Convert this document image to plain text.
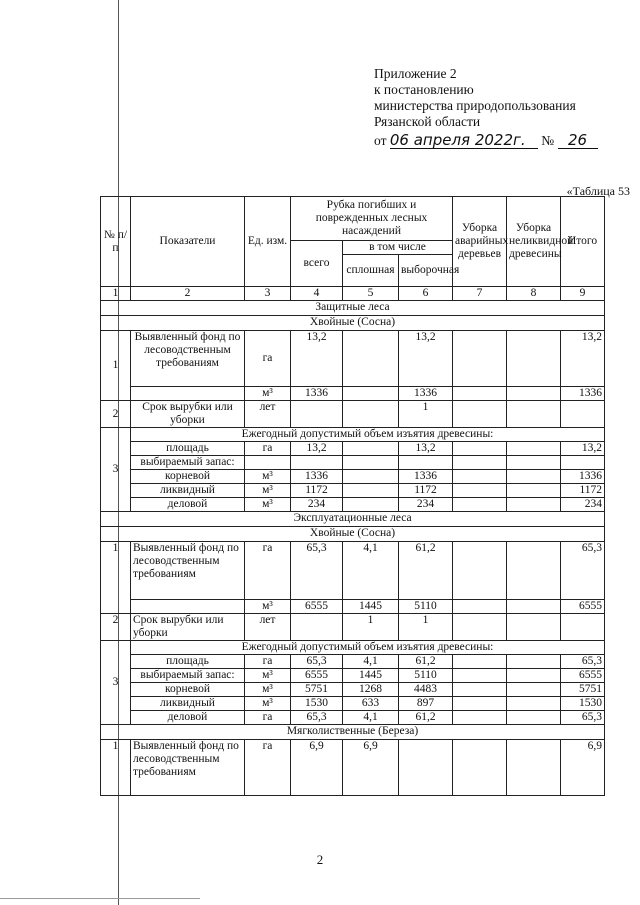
Приложение 2
к постановлению
министерства природопользования
Рязанской области
от 06 апреля 2022г. № 26
«Таблица 53
№ п/п	Показатели	Ед. изм.	Рубка погибших и поврежденных лесных насаждений			Уборка аварийных деревьев	Уборка неликвидной древесины	Итого
			всего	в том числе				
				сплошная	выборочная			
1	2	3	4	5	6	7	8	9
Защитные леса								
Хвойные (Сосна)								
1	Выявленный фонд по лесоводственным требованиям	га	13,2		13,2			13,2
		м³	1336		1336			1336
2	Срок вырубки или уборки	лет			1			
3	Ежегодный допустимый объем изъятия древесины:							
	площадь	га	13,2		13,2			13,2
	выбираемый запас:							
	корневой	м³	1336		1336			1336
	ликвидный	м³	1172		1172			1172
	деловой	м³	234		234			234
Эксплуатационные леса								
Хвойные (Сосна)								
1	Выявленный фонд по лесоводственным требованиям	га	65,3	4,1	61,2			65,3
		м³	6555	1445	5110			6555
2	Срок вырубки или уборки	лет		1	1			
3	Ежегодный допустимый объем изъятия древесины:							
	площадь	га	65,3	4,1	61,2			65,3
	выбираемый запас:	м³	6555	1445	5110			6555
	корневой	м³	5751	1268	4483			5751
	ликвидный	м³	1530	633	897			1530
	деловой	га	65,3	4,1	61,2			65,3
Мягколиственные (Береза)								
1	Выявленный фонд по лесоводственным требованиям	га	6,9	6,9				6,9
2
